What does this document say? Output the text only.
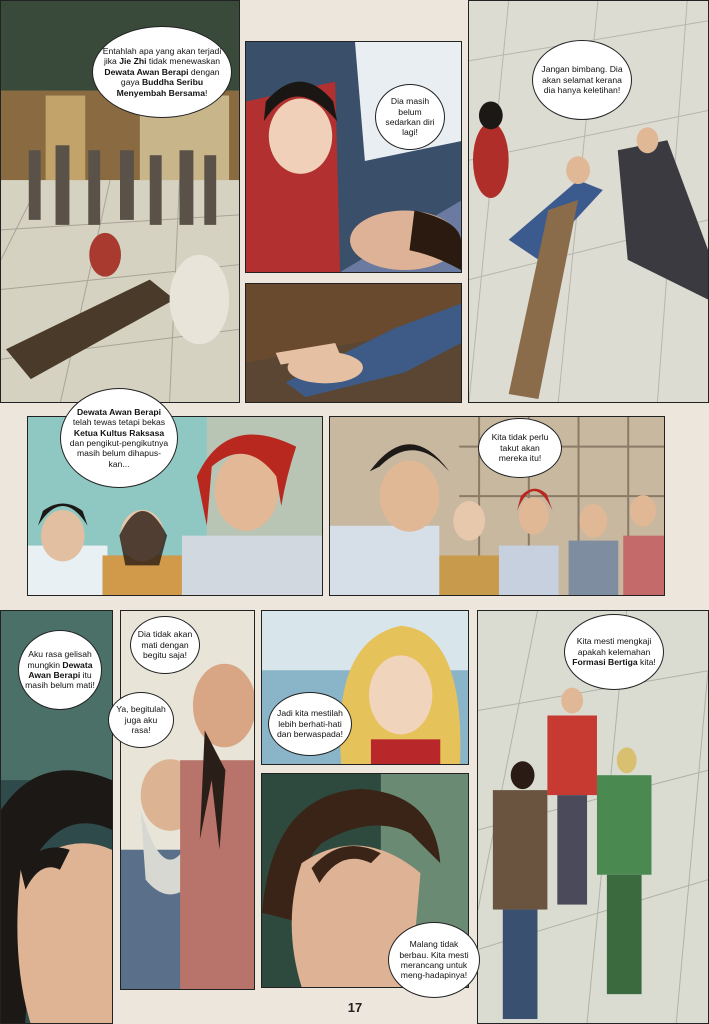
Entahlah apa yang akan terjadi jika Jie Zhi tidak menewaskan Dewata Awan Berapi dengan gaya Buddha Seribu Menyembah Bersama!

Dia masih belum sedarkan diri lagi!

Jangan bimbang. Dia akan selamat kerana dia hanya keletihan!

Dewata Awan Berapi telah tewas tetapi bekas Ketua Kultus Raksasa dan pengikut-pengikutnya masih belum dihapus-kan...

Kita tidak perlu takut akan mereka itu!

Aku rasa gelisah mungkin Dewata Awan Berapi itu masih belum mati!

Dia tidak akan mati dengan begitu saja!

Ya, begitulah juga aku rasa!

Jadi kita mestilah lebih berhati-hati dan berwaspada!

Malang tidak berbau. Kita mesti merancang untuk meng-hadapinya!

Kita mesti mengkaji apakah kelemahan Formasi Bertiga kita!

17
